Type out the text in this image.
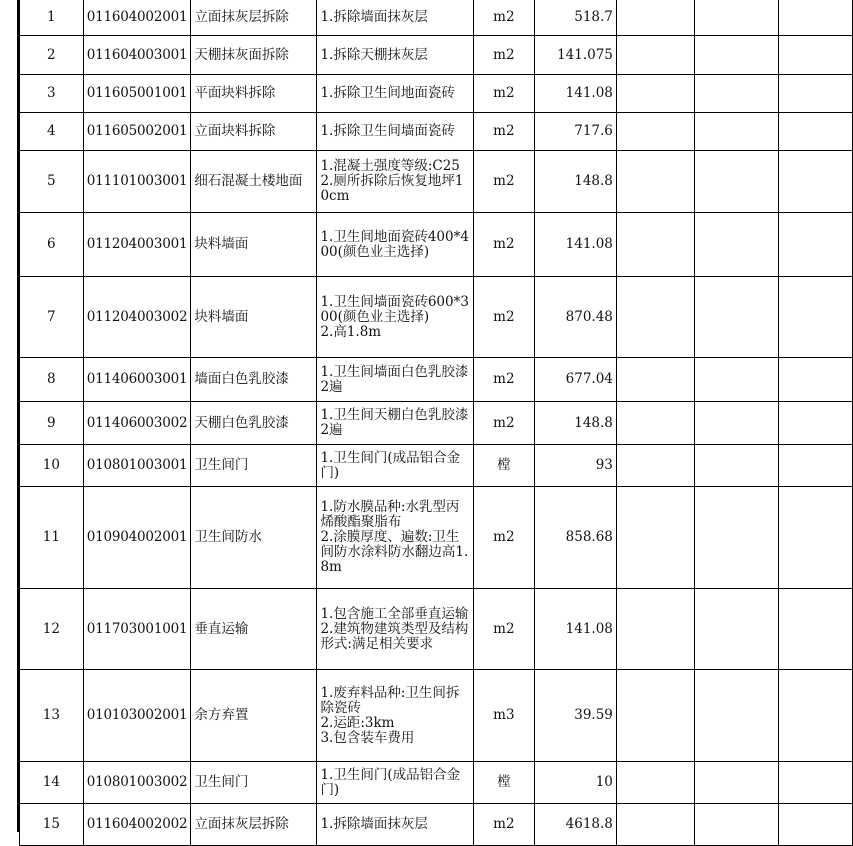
1	011604002001	立面抹灰层拆除	1.拆除墙面抹灰层	m2	518.7			
2	011604003001	天棚抹灰面拆除	1.拆除天棚抹灰层	m2	141.075			
3	011605001001	平面块料拆除	1.拆除卫生间地面瓷砖	m2	141.08			
4	011605002001	立面块料拆除	1.拆除卫生间墙面瓷砖	m2	717.6			
5	011101003001	细石混凝土楼地面	1.混凝土强度等级:C25
2.厕所拆除后恢复地坪10cm	m2	148.8			
6	011204003001	块料墙面	1.卫生间地面瓷砖400*400(颜色业主选择)	m2	141.08			
7	011204003002	块料墙面	1.卫生间墙面瓷砖600*300(颜色业主选择)
2.高1.8m	m2	870.48			
8	011406003001	墙面白色乳胶漆	1.卫生间墙面白色乳胶漆2遍	m2	677.04			
9	011406003002	天棚白色乳胶漆	1.卫生间天棚白色乳胶漆2遍	m2	148.8			
10	010801003001	卫生间门	1.卫生间门(成品铝合金门)	樘	93			
11	010904002001	卫生间防水	1.防水膜品种:水乳型丙烯酸酯聚脂布
2.涂膜厚度、遍数:卫生间防水涂料防水翻边高1.8m	m2	858.68			
12	011703001001	垂直运输	1.包含施工全部垂直运输
2.建筑物建筑类型及结构形式:满足相关要求	m2	141.08			
13	010103002001	余方弃置	1.废弃料品种:卫生间拆除瓷砖
2.运距:3km
3.包含装车费用	m3	39.59			
14	010801003002	卫生间门	1.卫生间门(成品铝合金门)	樘	10			
15	011604002002	立面抹灰层拆除	1.拆除墙面抹灰层	m2	4618.8			
